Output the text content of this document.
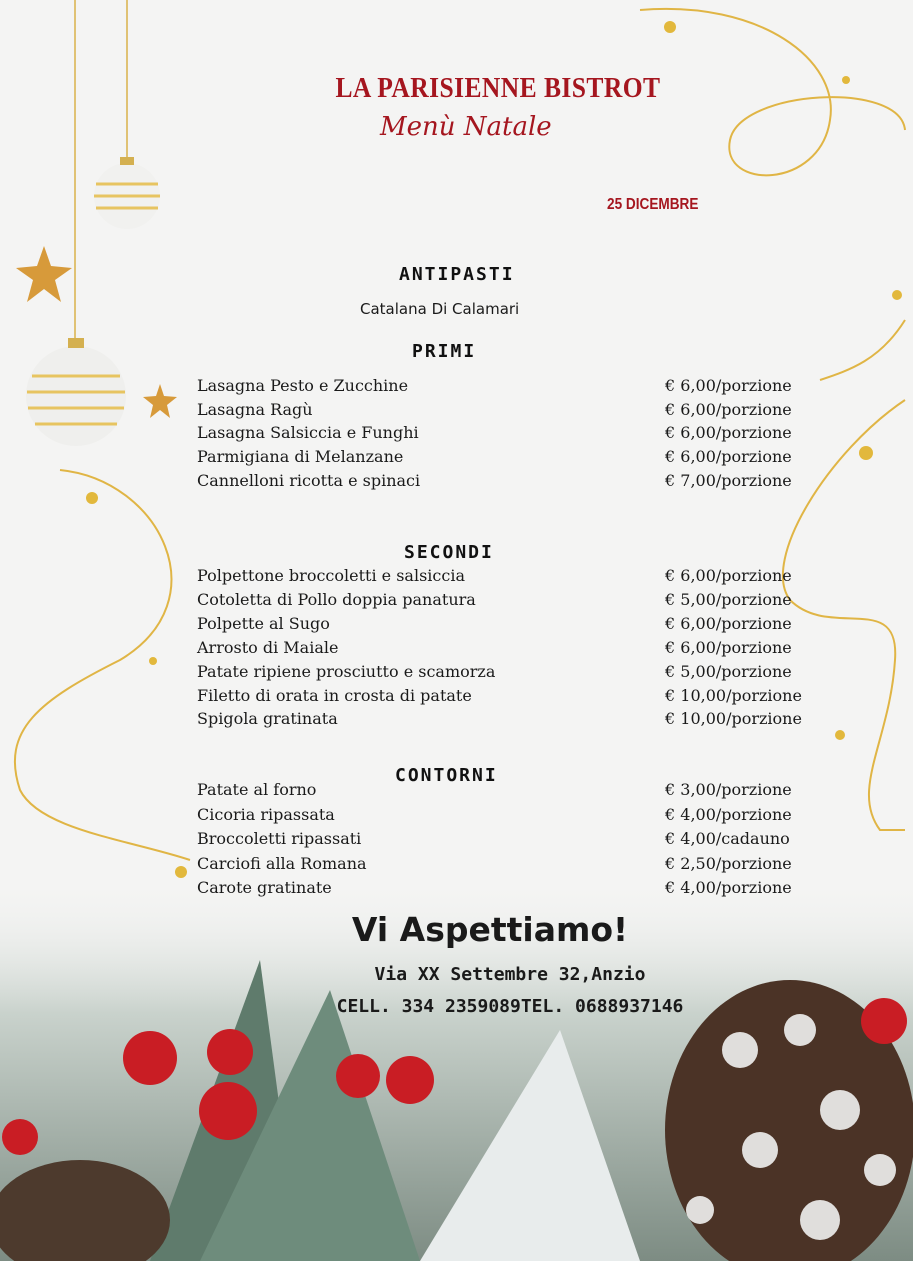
LA PARISIENNE BISTROT
Menù Natale
25 DICEMBRE
ANTIPASTI
Catalana Di Calamari
PRIMI
Lasagna Pesto e Zucchine	€ 6,00/porzione
Lasagna Ragù	€ 6,00/porzione
Lasagna Salsiccia e Funghi	€ 6,00/porzione
Parmigiana di Melanzane	€ 6,00/porzione
Cannelloni ricotta e spinaci	€ 7,00/porzione
SECONDI
Polpettone broccoletti e salsiccia	€ 6,00/porzione
Cotoletta di Pollo doppia panatura	€ 5,00/porzione
Polpette al Sugo	€ 6,00/porzione
Arrosto di Maiale	€ 6,00/porzione
Patate ripiene prosciutto e scamorza	€ 5,00/porzione
Filetto di orata in crosta di patate	€ 10,00/porzione
Spigola gratinata	€ 10,00/porzione
CONTORNI
Patate al forno	€ 3,00/porzione
Cicoria ripassata	€ 4,00/porzione
Broccoletti ripassati	€ 4,00/cadauno
Carciofi alla Romana	€ 2,50/porzione
Carote gratinate	€ 4,00/porzione
Vi Aspettiamo!
Via XX Settembre 32,Anzio
CELL. 334 2359089TEL. 0688937146
